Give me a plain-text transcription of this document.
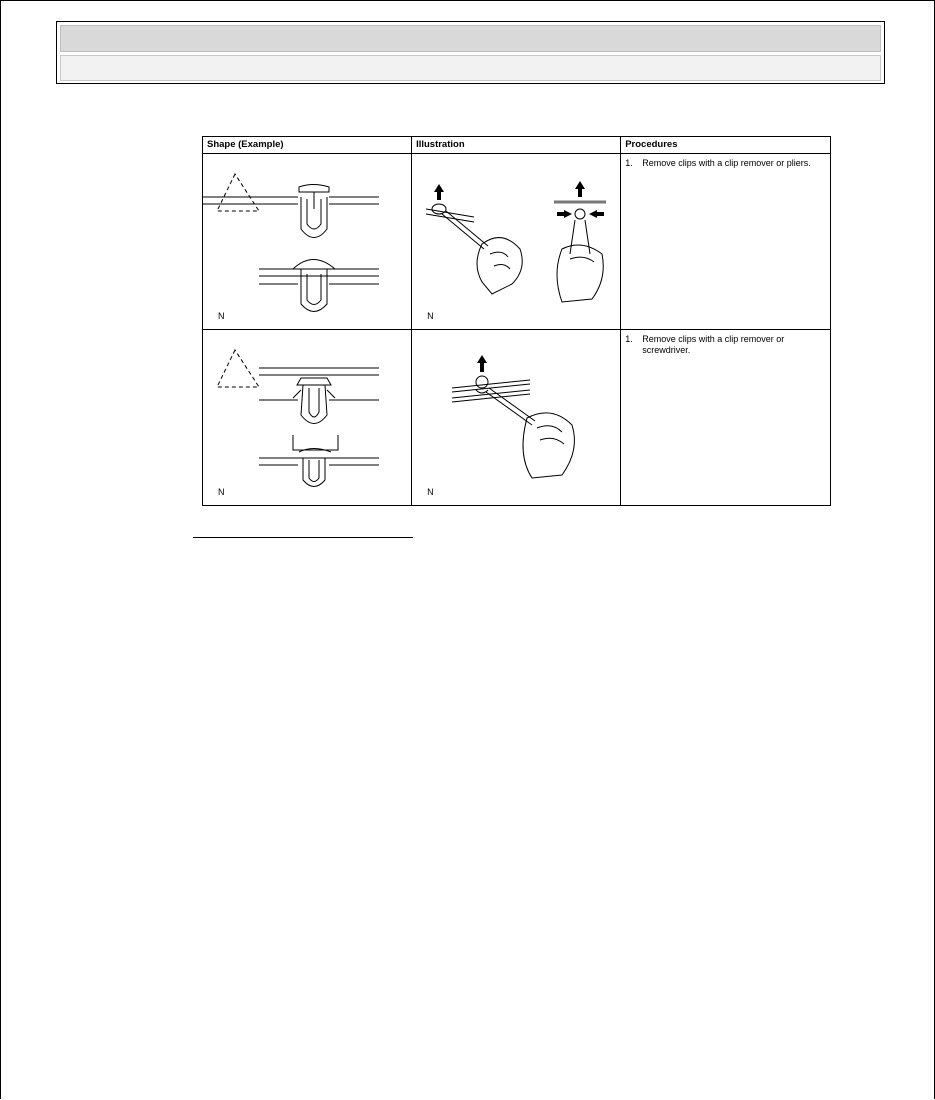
Shape (Example)	Illustration	Procedures

N	N	1. Remove clips with a clip remover or pliers.

N	N	1. Remove clips with a clip remover or screwdriver.
